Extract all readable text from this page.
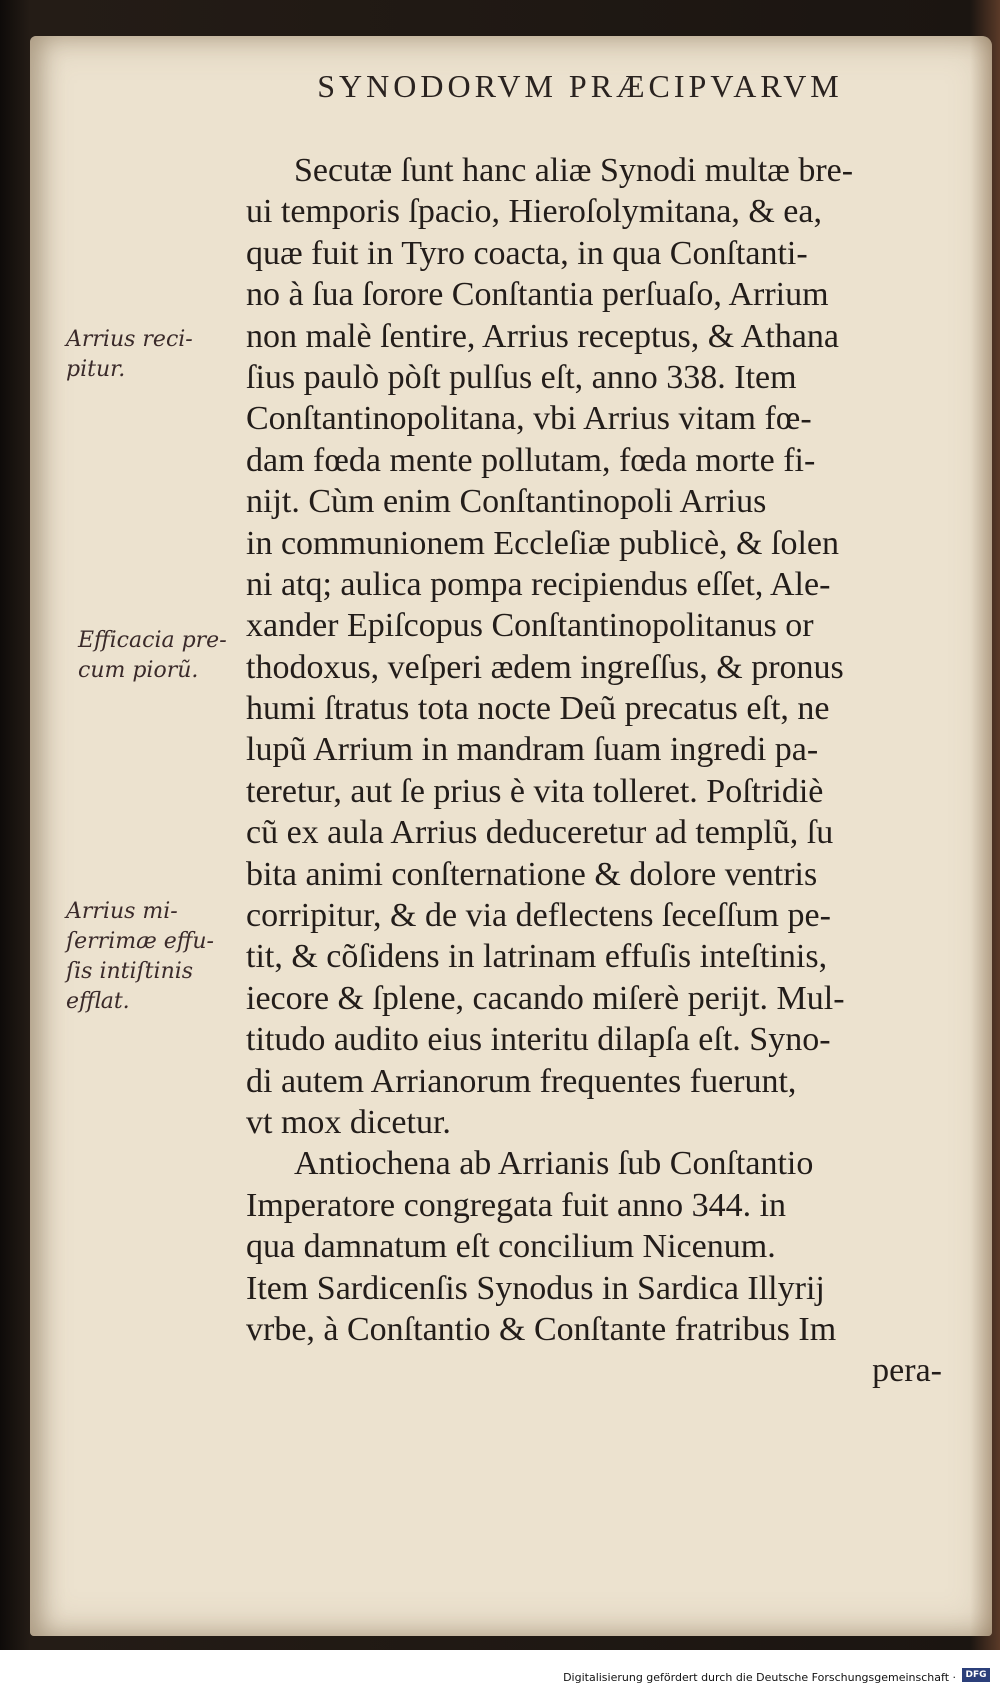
SYNODORVM PRÆCIPVARVM
Secutæ ſunt hanc aliæ Synodi multæ bre-
ui temporis ſpacio, Hieroſolymitana, & ea,
quæ fuit in Tyro coacta, in qua Conſtanti-
no à ſua ſorore Conſtantia perſuaſo, Arrium
non malè ſentire, Arrius receptus, & Athana
ſius paulò pòſt pulſus eſt, anno 338. Item
Conſtantinopolitana, vbi Arrius vitam fœ-
dam fœda mente pollutam, fœda morte fi-
nijt. Cùm enim Conſtantinopoli Arrius
in communionem Eccleſiæ publicè, & ſolen
ni atq; aulica pompa recipiendus eſſet, Ale-
xander Epiſcopus Conſtantinopolitanus or
thodoxus, veſperi ædem ingreſſus, & pronus
humi ſtratus tota nocte Deũ precatus eſt, ne
lupũ Arrium in mandram ſuam ingredi pa-
teretur, aut ſe prius è vita tolleret. Poſtridiè
cũ ex aula Arrius deduceretur ad templũ, ſu
bita animi conſternatione & dolore ventris
corripitur, & de via deflectens ſeceſſum pe-
tit, & cõſidens in latrinam effuſis inteſtinis,
iecore & ſplene, cacando miſerè perijt. Mul-
titudo audito eius interitu dilapſa eſt. Syno-
di autem Arrianorum frequentes fuerunt,
vt mox dicetur.
Antiochena ab Arrianis ſub Conſtantio
Imperatore congregata fuit anno 344. in
qua damnatum eſt concilium Nicenum.
Item Sardicenſis Synodus in Sardica Illyrij
vrbe, à Conſtantio & Conſtante fratribus Im
pera-
Arrius reci-
pitur.
Efficacia pre-
cum piorũ.
Arrius mi-
ſerrimæ effu-
ſis intiſtinis
efflat.
Digitalisierung gefördert durch die Deutsche Forschungsgemeinschaft ·	DFG
